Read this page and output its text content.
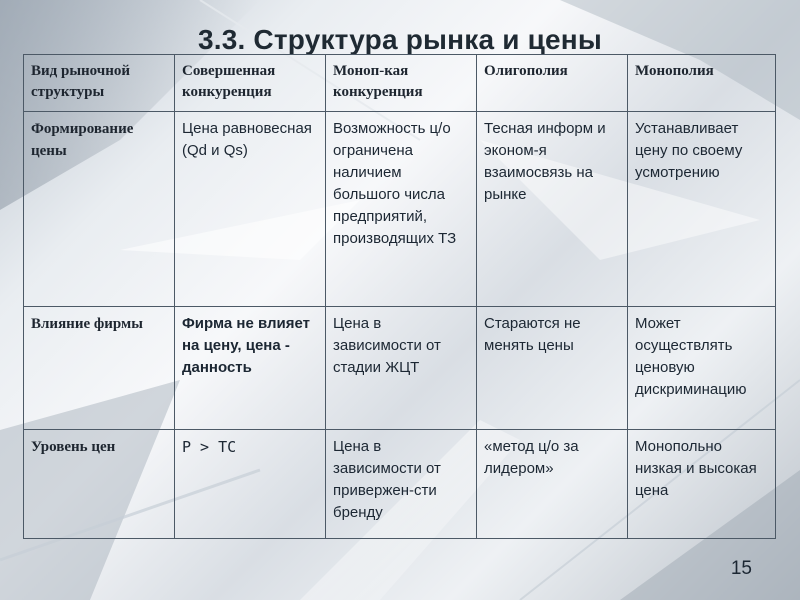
3.3. Структура рынка и цены
Вид рыночной структуры	Совершенная конкуренция	Моноп-кая конкуренция	Олигополия	Монополия
Формирование цены	Цена равновесная (Qd и Qs)	Возможность ц/о ограничена наличием большого числа предприятий, производящих ТЗ	Тесная информ и эконом-я взаимосвязь на рынке	Устанавливает цену по своему усмотрению
Влияние фирмы	Фирма не влияет на цену, цена - данность	Цена в зависимости от стадии ЖЦТ	Стараются не менять цены	Может осуществлять ценовую дискриминацию
Уровень цен	P > TC	Цена в зависимости от привержен-сти бренду	«метод ц/о за лидером»	Монопольно низкая и высокая цена
15
